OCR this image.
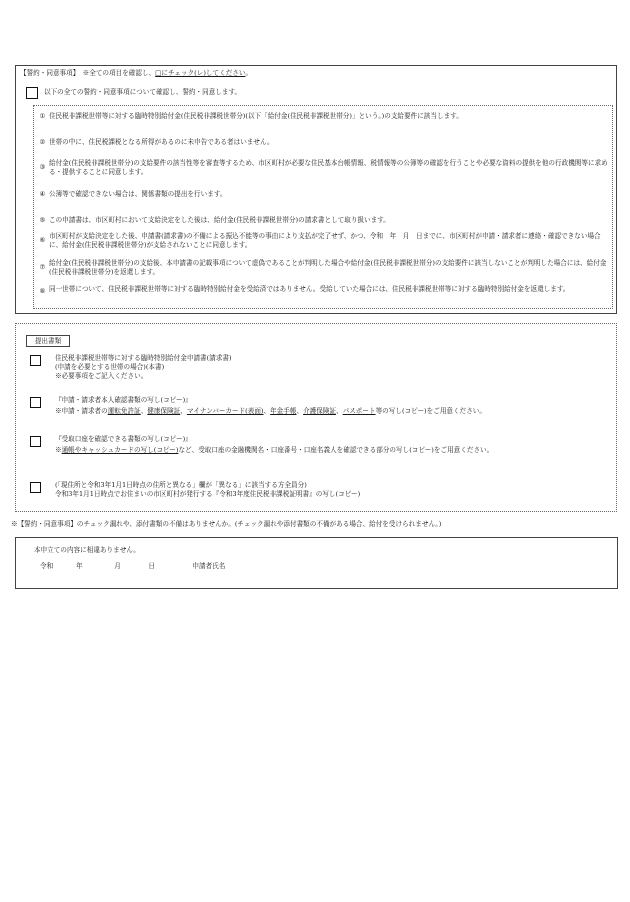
【誓約・同意事項】　※全ての項目を確認し、□にチェック(レ)してください。
以下の全ての誓約・同意事項について確認し、誓約・同意します。
① 住民税非課税世帯等に対する臨時特別給付金(住民税非課税世帯分)(以下「給付金(住民税非課税世帯分)」という。)の支給要件に該当します。
② 世帯の中に、住民税課税となる所得があるのに未申告である者はいません。
③ 給付金(住民税非課税世帯分)の支給要件の該当性等を審査等するため、市区町村が必要な住民基本台帳情報、税情報等の公簿等の確認を行うことや必要な資料の提供を他の行政機関等に求める・提供することに同意します。
④ 公簿等で確認できない場合は、関係書類の提出を行います。
⑤ この申請書は、市区町村において支給決定をした後は、給付金(住民税非課税世帯分)の請求書として取り扱います。
⑥ 市区町村が支給決定をした後、申請書(請求書)の不備による振込不能等の事由により支払が完了せず、かつ、令和　年　月　日までに、市区町村が申請・請求者に連絡・確認できない場合に、給付金(住民税非課税世帯分)が支給されないことに同意します。
⑦ 給付金(住民税非課税世帯分)の支給後、本申請書の記載事項について虚偽であることが判明した場合や給付金(住民税非課税世帯分)の支給要件に該当しないことが判明した場合には、給付金(住民税非課税世帯分)を返還します。
⑧ 同一世帯について、住民税非課税世帯等に対する臨時特別給付金を受給済ではありません。受給していた場合には、住民税非課税世帯等に対する臨時特別給付金を返還します。
提出書類
住民税非課税世帯等に対する臨時特別給付金申請書(請求書)
(申請を必要とする世帯の場合)(本書)
※必要事項をご記入ください。
『申請・請求者本人確認書類の写し(コピー)』
※申請・請求者の運転免許証、健康保険証、マイナンバーカード(表面)、年金手帳、介護保険証、パスポート等の写し(コピー)をご用意ください。
『受取口座を確認できる書類の写し(コピー)』
※通帳やキャッシュカードの写し(コピー)など、受取口座の金融機関名・口座番号・口座名義人を確認できる部分の写し(コピー)をご用意ください。
(「現住所と令和3年1月1日時点の住所と異なる」欄が「異なる」に該当する方全員分)
令和3年1月1日時点でお住まいの市区町村が発行する『令和3年度住民税非課税証明書』の写し(コピー)
※【誓約・同意事項】のチェック漏れや、添付書類の不備はありませんか。(チェック漏れや添付書類の不備がある場合、給付を受けられません。)
本申立ての内容に相違ありません。
令和	年	月	日	申請者氏名
